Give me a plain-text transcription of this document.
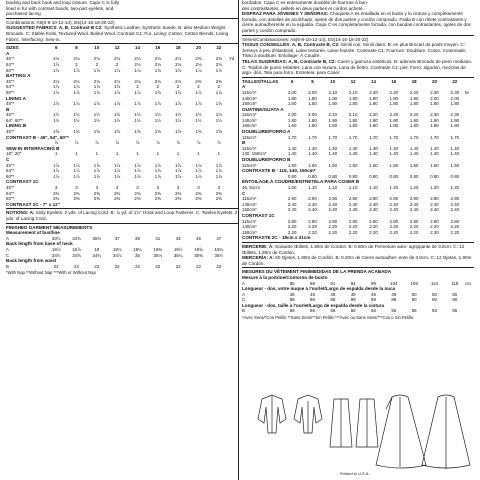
binding and back hook and loop closure. Cape C is fully
lined in fur with contrast bands, two-part eyelets, and
purchased lacing.

Combinations: A5(6-8-10-12-14), E5(14-16-18-20-22)

SUGGESTED FABRICS: A, B, Contrast B C2: Synthetic Leather, Synthetic Suede. B: also Medium Weight Brocade. C: Stable Knits, Textured Wool, Boiled Wool. Contrast C1: Fur. Lining: Cotton, Cotton Blends, Lining Fabric. Interfacing: Sew-in.

SIZES	6	8	10	12	14	16	18	20	22	
A										
45"*	2⅛	2⅛	2⅛	2⅛	2⅛	2⅛	2⅛	2⅜	2⅜	Yd
54"*	1⅞	2	2	2	2⅛	2⅛	2⅛	2⅛	2⅛	
60"*	1⅞	1⅞	1⅞	1⅞	1⅞	1⅞	1⅞	1⅞	1⅞	
BATTING A										
45"*	2⅛	2⅛	2⅛	2⅛	2⅛	2⅛	2⅛	2⅜	2⅜	
54"*	1⅞	1⅞	1⅞	1⅞	2	2	2	2	2	
60"*	1⅞	1⅞	1⅞	1⅞	1⅞	1⅞	1⅞	1⅞	1⅞	
LINING A										
45"*	1⅞	1⅞	1⅞	1⅞	1⅞	1⅞	1⅞	1⅞	1⅞	
B										
45"*	1½	1½	1½	1½	1½	1½	1½	1½	1½	
54", 60"*	1½	1½	1½	1½	1½	1½	1½	1½	1½	
LINING B										
45"*	1⅝	1⅝	1⅝	1⅝	1⅝	1⅝	1⅝	1⅝	1⅝	
CONTRAST B - 45", 54", 60"*										
	⅞	⅞	⅞	⅞	⅞	⅞	⅞	⅞	⅞	
SEW-IN INTERFACING B										
18", 20"	1	1	1	1	1	1	1	1	1	
C										
45"*	1⅞	1⅞	1⅞	1⅞	1⅞	1⅞	1⅞	1⅞	1⅞	
54"*	1⅞	1⅞	1⅞	1⅞	1⅞	1⅞	1⅞	1⅞	1⅞	
60"*	1⅞	1⅞	1⅞	1⅞	1⅞	1⅞	1⅞	1⅞	1⅞	
CONTRAST 1C										
45"*	3	3	3	3	3	3	3	3	3	
54"*	2⅜	2⅜	2⅜	2⅜	2⅜	2⅜	2⅜	2⅜	2⅜	
60"*	2⅜	2⅜	2⅜	2⅜	2⅜	2⅜	2⅜	2⅜	2⅜	
CONTRAST 2C - 7" x 12"										

NOTIONS: A: Sixty Eyelets, 2 yds. of Lacing Cord. B: ⅞ yd. of 1½" Hook and Loop Fastener. C: Twelve Eyelets, 2 yds. of Lacing Cord.

FINISHED GARMENT MEASUREMENTS

Measurement at bustline

A	33½	34¾	35¾	37	39	41	43	45	47	
Back length from base of neck										
A	18⅞	18⅞	19	19⅛	19¼	19⅜	19½	19⅝	19¾	
C	34½	34⅝	34¾	34⅞	35	35⅛	35¼	35⅜	35½	
Back length from waist										
B	22	22	22	22	22	22	22	22	22	

*With Nap **Without Nap ***With or Without Nap

bordados. Capa C es enteramente doublée de fourrure à ban-
des contrastantes, œillets en deux parties et cordon acheté.

DISFRAZ PARA JÓVENES Y SEÑORAS: Chaqueta A es entallada en el busto y la cintura y completamente forrada, con detalles de acolchado, ojetes de dos partes y cordón comprado. Falda B con ribete contrastante y cierre autoadherente en la espalda. Capa C es completamente forrada, con bandas contrastantes, ojetes de dos partes y cordón comprado.

Séries/Combinaciones: A5(6-8-10-12-14), E5(14-16-18-20-22)

TISSUS CONSEILLÉS: A, B, Contraste B, C2: Simili cuir, Simili daim. B: en plus Brocart de poids moyen. C: Jerseys à peu d'élasticité, Laine texturée, Laine feutrée. Contraste C1: Fourrure. Doublure: Coton, Cotonnade, Tissu à doublure. Entoilage: À Coudre.

TELAS SUGERIDAS: A, B, Contraste B, C2: Cuero y gamuza sintéticos. B: además Brocado de peso mediano. C: Tejidos de punto estables, Lana con textura, Lana de fieltro. Contraste C1: piel. Forro: algodón, mezclas de algo- dón, Tela para forro. Entretela: para Coser.

TAILLES/TALLAS	6	8	10	12	14	16	18	20	22	
A										
115cm*	2.00	2.00	2.10	2.10	2.20	2.20	2.20	2.30	2.30	M
140cm*	1.80	1.80	1.90	1.90	1.90	1.90	1.90	2.00	2.00	
150cm*	1.60	1.60	1.80	1.80	1.80	1.80	1.80	1.80	1.80	
OUATINE/GUATA A										
115cm*	2.00	2.00	2.10	2.10	2.20	2.20	2.20	2.30	2.30	
140cm*	1.80	1.80	1.90	1.90	1.90	1.90	1.90	1.90	1.90	
150cm*	1.60	1.60	1.60	1.80	1.80	1.80	1.80	1.80	1.80	
DOUBLURE/FORRO A										
115cm*	1.70	1.70	1.70	1.70	1.70	1.70	1.70	1.70	1.70	
B										
115cm*	1.40	1.40	1.40	1.40	1.40	1.40	1.40	1.40	1.40	
140, 150cm*	1.40	1.40	1.40	1.40	1.40	1.40	1.40	1.40	1.40	
DOUBLURE/FORRO B										
115cm*	1.50	1.50	1.50	1.50	1.50	1.50	1.50	1.50	1.50	
CONTRASTE B - 115, 140, 150cm*										
	0.80	0.80	0.80	0.80	0.80	0.80	0.80	0.80	0.80	
ENTOILAGE À COUDRE/ENTRETELA PARA COSER B										
46, 51cm	1.00	1.10	1.10	1.10	1.10	1.20	1.20	1.20	1.20	
C										
115cm*	2.90	2.90	2.90	2.90	2.90	2.90	2.90	2.90	2.90	
140cm*	2.40	2.40	2.40	2.40	2.40	2.40	2.40	2.40	2.40	
150cm*	2.40	2.40	2.40	2.40	2.40	2.40	2.40	2.40	2.40	
CONTRAST 1C										
115cm*	2.80	2.80	2.80	2.80	2.80	2.80	2.80	2.80	2.80	
140cm*	2.20	2.20	2.20	2.20	2.20	2.20	2.20	2.20	2.20	
150cm*	2.20	2.20	2.20	2.20	2.20	2.20	2.20	2.20	2.20	
CONTRASTE 2C - 18cm x 31cm										

MERCERIE: A: Soixante Œillets, 1.90m de Cordon. B: 0.80m de Fermeture auto- agrippante de 3.8cm. C: 12 Œillets, 1.90m de Cordon.

MERCERÍA: A: 60 Ojetes, 1.90m de Cordón. B: 0.20m de Cierre autoadher- ente de 3.8cm. C: 12 Ojetes, 1.90m de Cordón.

MESURES DU VÊTEMENT FINI/MEDIDAS DE LA PRENDA ACABADA

Mesure à la poitrine/Contorno de busto

A	85	88	91	94	99	104	109	114	119	cm
Longueur - dos, votre nuque à l'ourlet/Largo de espalda desde la nuca										
A	48	48	48	49	49	49	50	50	50	
C	88	88	88	89	89	89	90	90	90	
Longueur - dos, taille à l'ourlet/Largo de espalda desde la cintura										
B	56	56	56	56	56	56	56	56	56	

*Avec Sens/*Con Pelillo **Sans Sens/**Sin Pelillo ***Avec ou Sans Sens/***Con o Sin Pelillo

Printed in U.S.A.
